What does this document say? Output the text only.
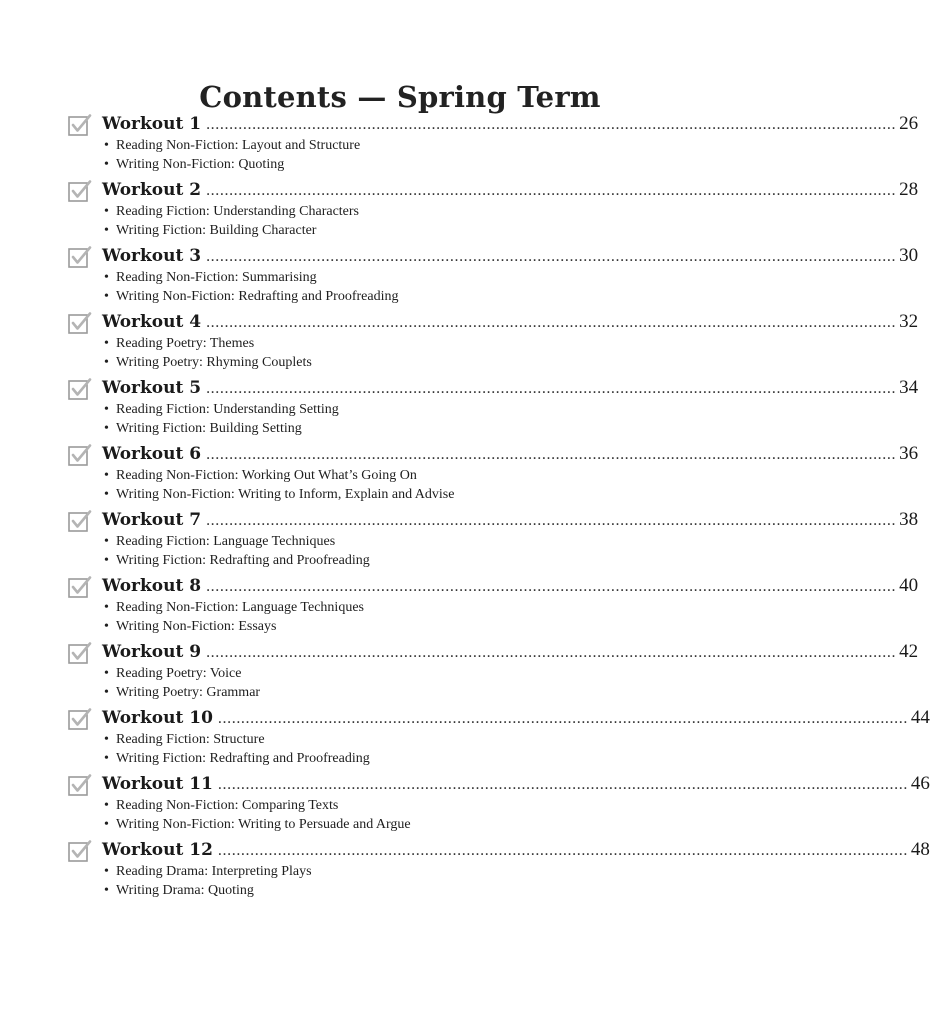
Contents — Spring Term
Workout 1 ...................................................................................................................................................... 26
• Reading Non-Fiction: Layout and Structure
• Writing Non-Fiction: Quoting
Workout 2 ...................................................................................................................................................... 28
• Reading Fiction: Understanding Characters
• Writing Fiction: Building Character
Workout 3 ...................................................................................................................................................... 30
• Reading Non-Fiction: Summarising
• Writing Non-Fiction: Redrafting and Proofreading
Workout 4 ...................................................................................................................................................... 32
• Reading Poetry: Themes
• Writing Poetry: Rhyming Couplets
Workout 5 ...................................................................................................................................................... 34
• Reading Fiction: Understanding Setting
• Writing Fiction: Building Setting
Workout 6 ...................................................................................................................................................... 36
• Reading Non-Fiction: Working Out What’s Going On
• Writing Non-Fiction: Writing to Inform, Explain and Advise
Workout 7 ...................................................................................................................................................... 38
• Reading Fiction: Language Techniques
• Writing Fiction: Redrafting and Proofreading
Workout 8 ...................................................................................................................................................... 40
• Reading Non-Fiction: Language Techniques
• Writing Non-Fiction: Essays
Workout 9 ...................................................................................................................................................... 42
• Reading Poetry: Voice
• Writing Poetry: Grammar
Workout 10 ...................................................................................................................................................... 44
• Reading Fiction: Structure
• Writing Fiction: Redrafting and Proofreading
Workout 11 ...................................................................................................................................................... 46
• Reading Non-Fiction: Comparing Texts
• Writing Non-Fiction: Writing to Persuade and Argue
Workout 12 ...................................................................................................................................................... 48
• Reading Drama: Interpreting Plays
• Writing Drama: Quoting
